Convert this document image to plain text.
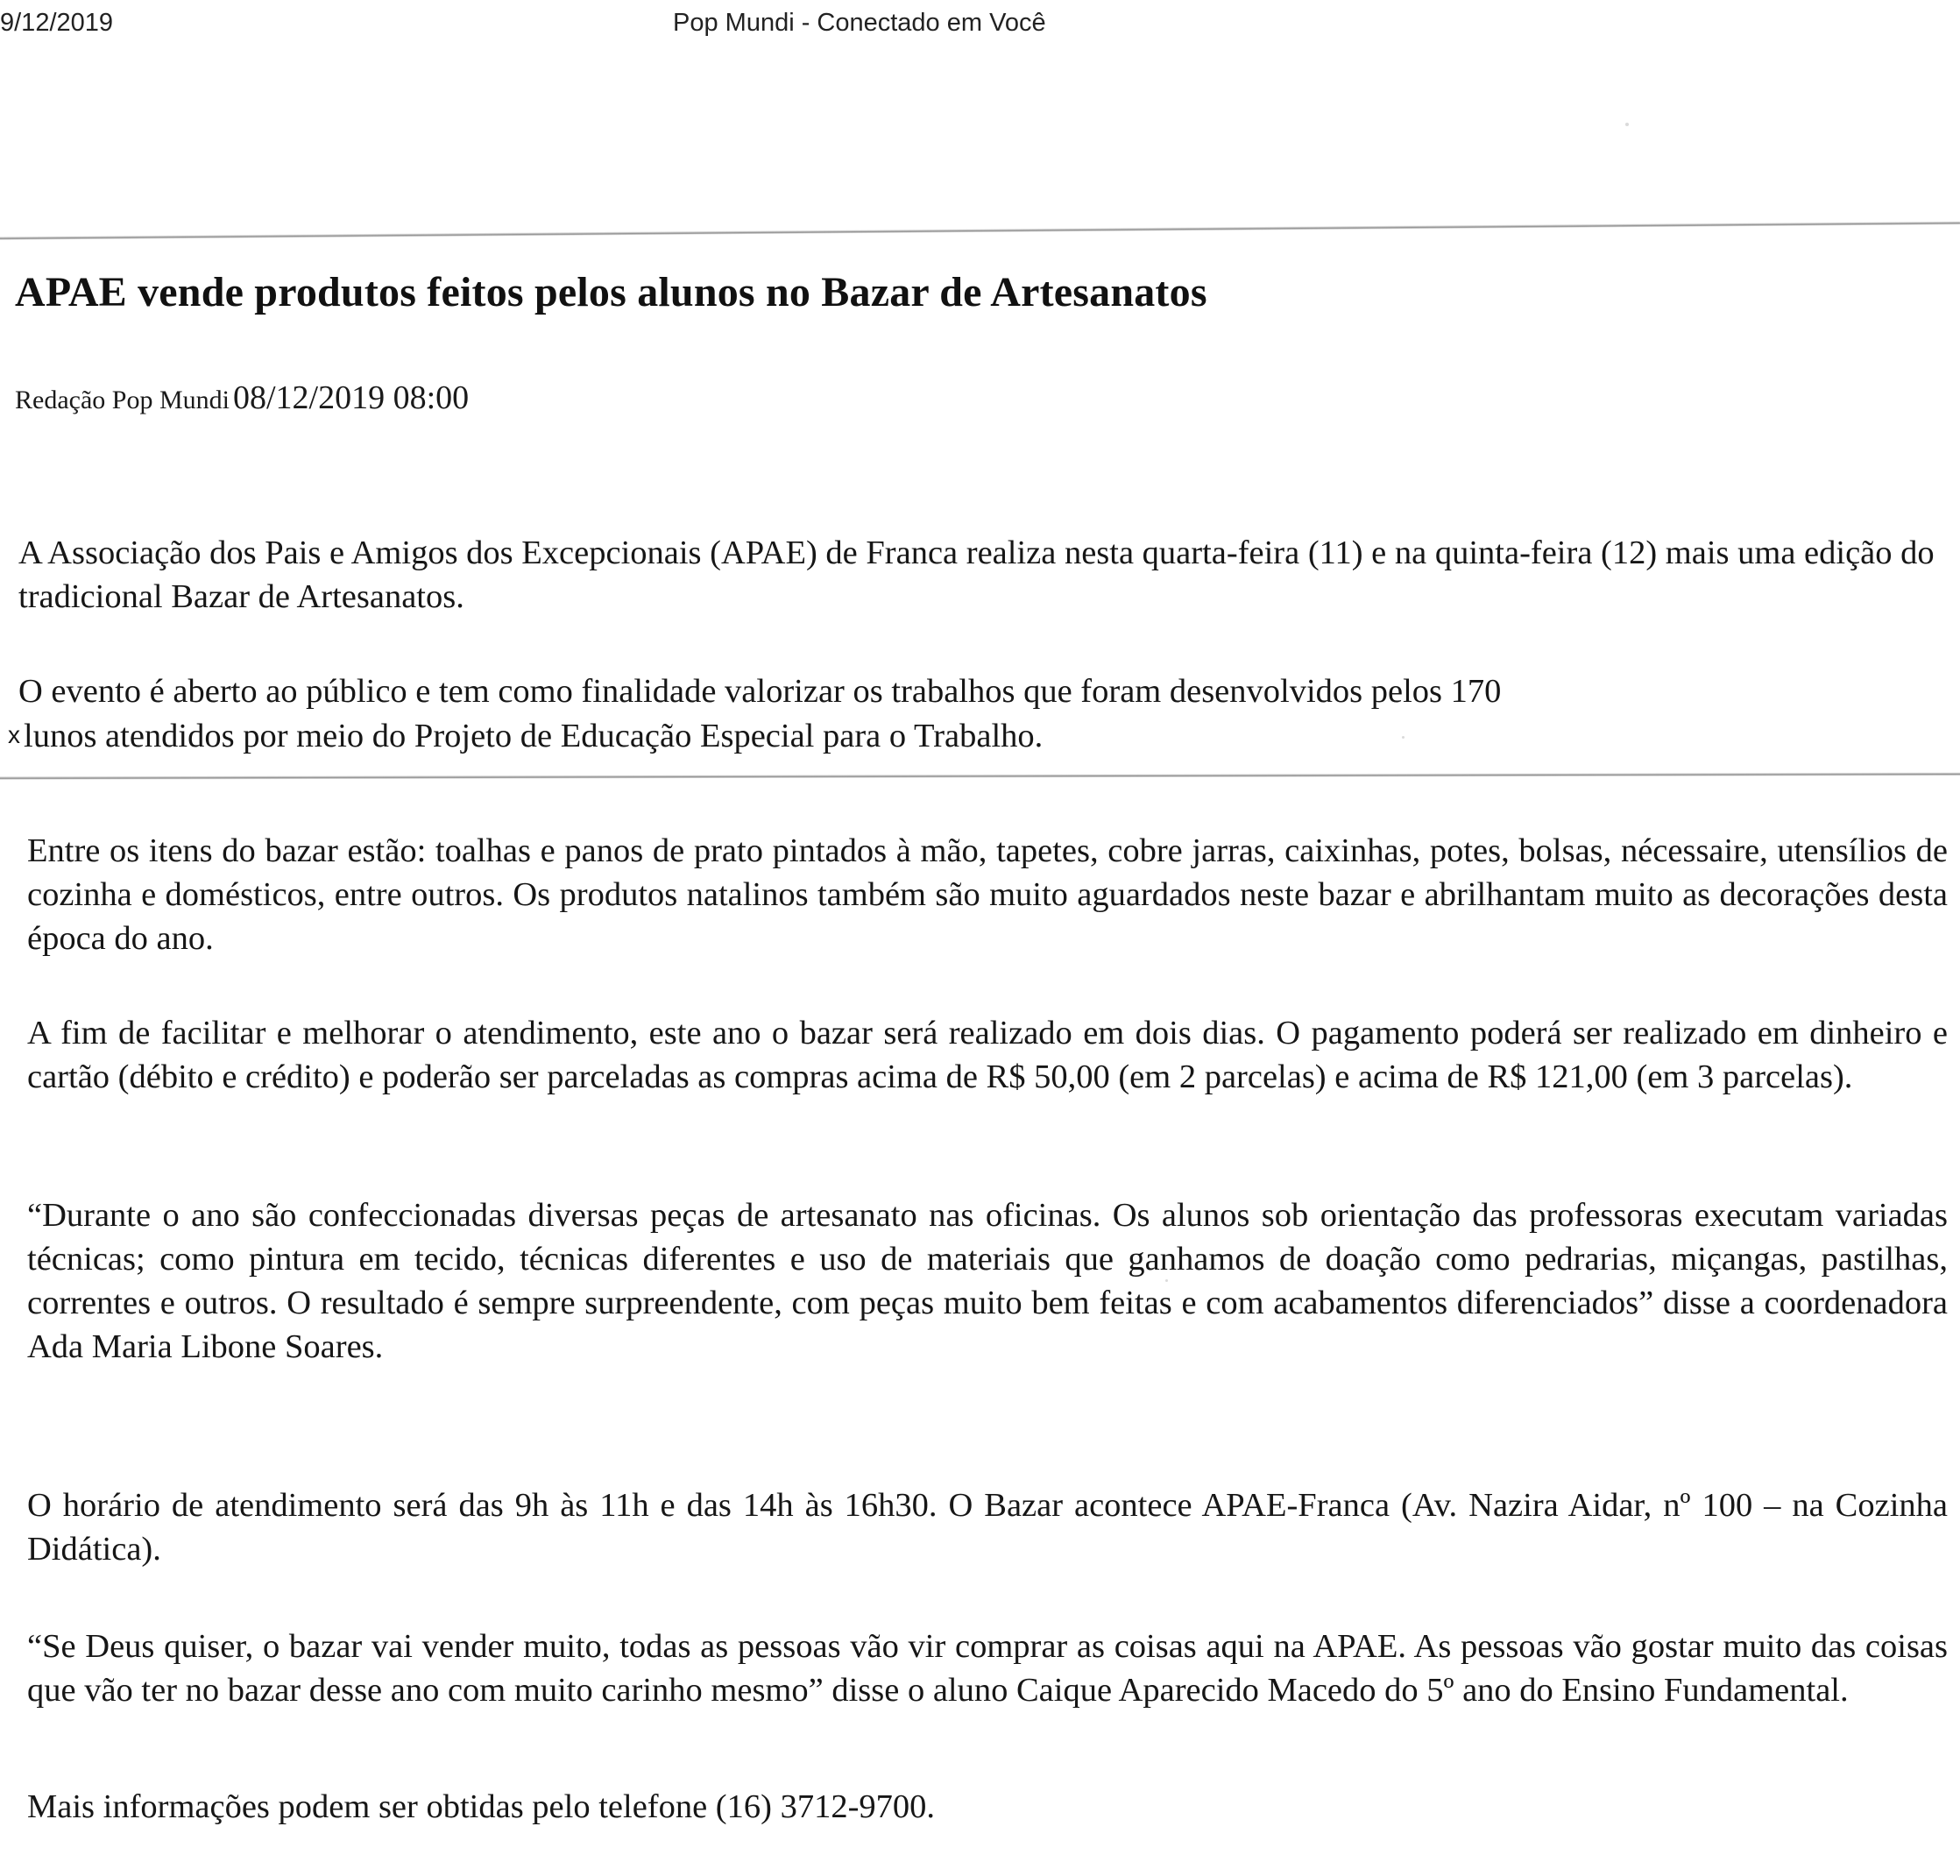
9/12/2019	Pop Mundi - Conectado em Você
APAE vende produtos feitos pelos alunos no Bazar de Artesanatos
Redação Pop Mundi 08/12/2019 08:00

A Associação dos Pais e Amigos dos Excepcionais (APAE) de Franca realiza nesta quarta-feira (11) e na quinta-feira (12) mais uma edição do tradicional Bazar de Artesanatos.

O evento é aberto ao público e tem como finalidade valorizar os trabalhos que foram desenvolvidos pelos 170
x lunos atendidos por meio do Projeto de Educação Especial para o Trabalho.

Entre os itens do bazar estão: toalhas e panos de prato pintados à mão, tapetes, cobre jarras, caixinhas, potes, bolsas, nécessaire, utensílios de cozinha e domésticos, entre outros. Os produtos natalinos também são muito aguardados neste bazar e abrilhantam muito as decorações desta época do ano.

A fim de facilitar e melhorar o atendimento, este ano o bazar será realizado em dois dias. O pagamento poderá ser realizado em dinheiro e cartão (débito e crédito) e poderão ser parceladas as compras acima de R$ 50,00 (em 2 parcelas) e acima de R$ 121,00 (em 3 parcelas).

“Durante o ano são confeccionadas diversas peças de artesanato nas oficinas. Os alunos sob orientação das professoras executam variadas técnicas; como pintura em tecido, técnicas diferentes e uso de materiais que ganhamos de doação como pedrarias, miçangas, pastilhas, correntes e outros. O resultado é sempre surpreendente, com peças muito bem feitas e com acabamentos diferenciados” disse a coordenadora Ada Maria Libone Soares.

O horário de atendimento será das 9h às 11h e das 14h às 16h30. O Bazar acontece APAE-Franca (Av. Nazira Aidar, nº 100 – na Cozinha Didática).

“Se Deus quiser, o bazar vai vender muito, todas as pessoas vão vir comprar as coisas aqui na APAE. As pessoas vão gostar muito das coisas que vão ter no bazar desse ano com muito carinho mesmo” disse o aluno Caique Aparecido Macedo do 5º ano do Ensino Fundamental.

Mais informações podem ser obtidas pelo telefone (16) 3712-9700.
